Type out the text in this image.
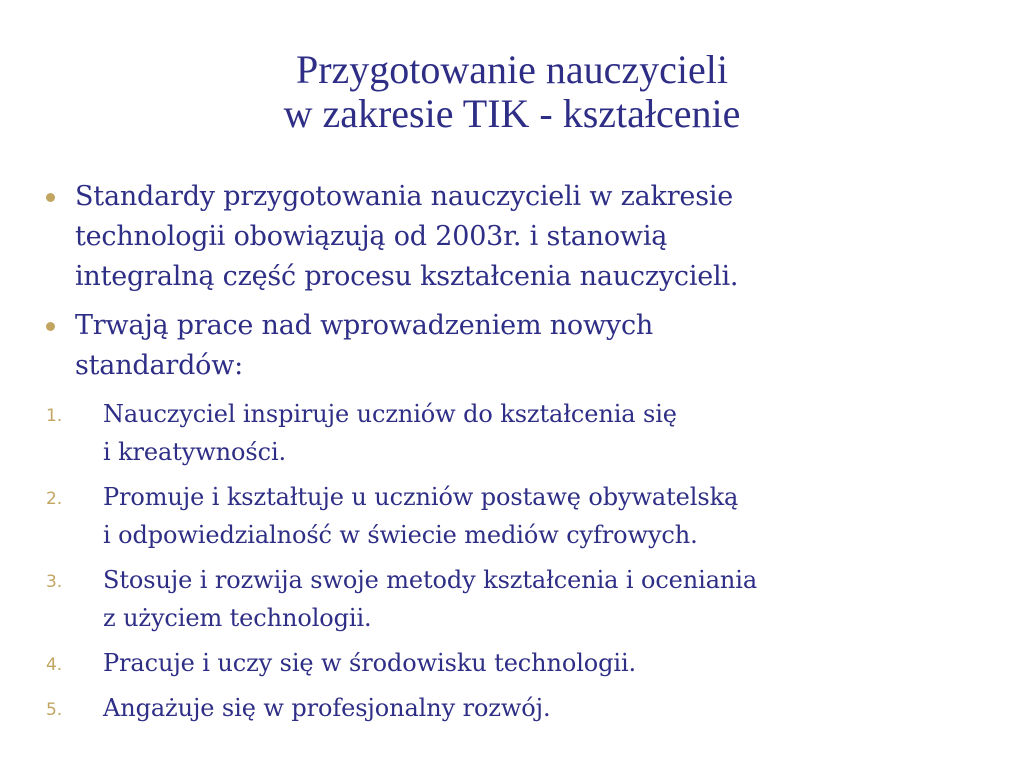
Przygotowanie nauczycieli
w zakresie TIK - kształcenie
Standardy przygotowania nauczycieli w zakresie
technologii obowiązują od 2003r. i stanowią
integralną część procesu kształcenia nauczycieli.
Trwają prace nad wprowadzeniem nowych
standardów:
1. Nauczyciel inspiruje uczniów do kształcenia się
i kreatywności.
2. Promuje i kształtuje u uczniów postawę obywatelską
i odpowiedzialność w świecie mediów cyfrowych.
3. Stosuje i rozwija swoje metody kształcenia i oceniania
z użyciem technologii.
4. Pracuje i uczy się w środowisku technologii.
5. Angażuje się w profesjonalny rozwój.
